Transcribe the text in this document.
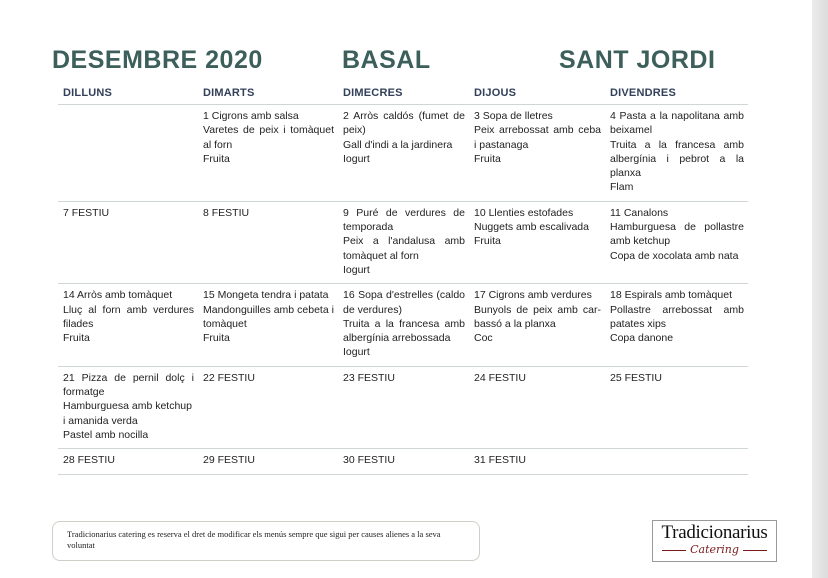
DESEMBRE 2020	BASAL	SANT JORDI
DILLUNS	DIMARTS	DIMECRES	DIJOUS	DIVENDRES

	1 Cigrons amb salsa
Varetes de peix i tomàquet al forn
Fruita	2 Arròs caldós (fumet de peix)
Gall d'indi a la jardinera
Iogurt	3 Sopa de lletres
Peix arrebossat amb ceba i pastanaga
Fruita	4 Pasta a la napolitana amb beixamel
Truita a la francesa amb albergínia i pebrot a la planxa
Flam

7 FESTIU	8 FESTIU	9 Puré de verdures de temporada
Peix a l'andalusa amb tomàquet al forn
Iogurt	10 Llenties estofades
Nuggets amb escalivada
Fruita	11 Canalons
Hamburguesa de pollastre amb ketchup
Copa de xocolata amb nata

14 Arròs amb tomàquet
Lluç al forn amb verdures filades
Fruita	15 Mongeta tendra i patata
Mandonguilles amb cebeta i tomàquet
Fruita	16 Sopa d'estrelles (caldo de verdures)
Truita a la francesa amb albergínia arrebossada
Iogurt	17 Cigrons amb verdures
Bunyols de peix amb car-bassó a la planxa
Coc	18 Espirals amb tomàquet
Pollastre arrebossat amb patates xips
Copa danone

21 Pizza de pernil dolç i formatge
Hamburguesa amb ketchup
i amanida verda
Pastel amb nocilla	22 FESTIU	23 FESTIU	24 FESTIU	25 FESTIU

28 FESTIU	29 FESTIU	30 FESTIU	31 FESTIU	

Tradicionarius catering es reserva el dret de modificar els menús sempre que sigui per causes alienes a la seva voluntat
Tradicionarius
Catering
